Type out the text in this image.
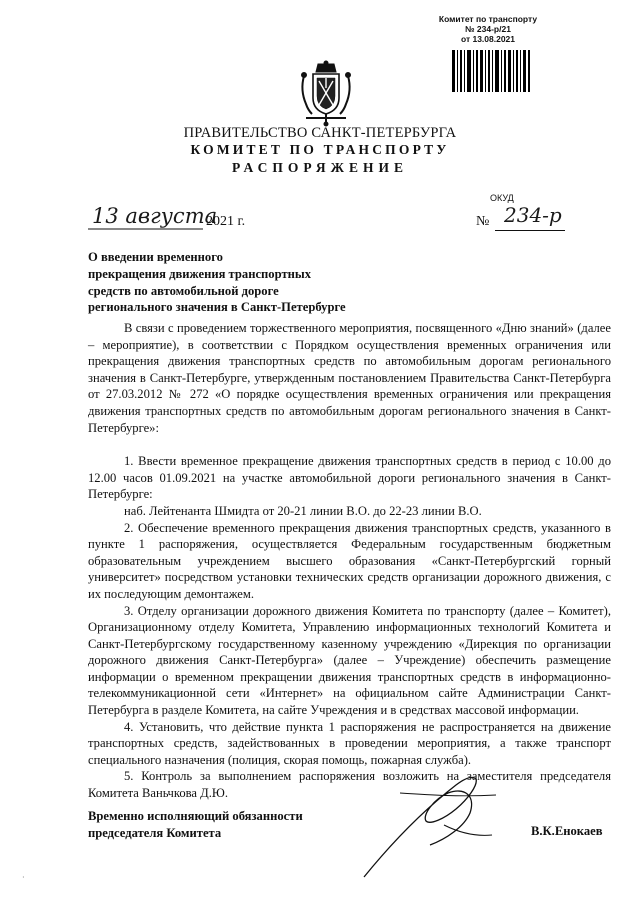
Комитет по транспорту
№ 234-р/21
от 13.08.2021
ПРАВИТЕЛЬСТВО САНКТ-ПЕТЕРБУРГА
КОМИТЕТ ПО ТРАНСПОРТУ
РАСПОРЯЖЕНИЕ
ОКУД
13 августа
2021 г.	№ 234-р
О введении временного
прекращения движения транспортных
средств по автомобильной дороге
регионального значения в Санкт-Петербурге

В связи с проведением торжественного мероприятия, посвященного «Дню знаний» (далее – мероприятие), в соответствии с Порядком осуществления временных ограничения или прекращения движения транспортных средств по автомобильным дорогам регионального значения в Санкт-Петербурге, утвержденным постановлением Правительства Санкт-Петербурга от 27.03.2012 № 272 «О порядке осуществления временных ограничения или прекращения движения транспортных средств по автомобильным дорогам регионального значения в Санкт-Петербурге»:

1. Ввести временное прекращение движения транспортных средств в период с 10.00 до 12.00 часов 01.09.2021 на участке автомобильной дороги регионального значения в Санкт-Петербурге:

наб. Лейтенанта Шмидта от 20-21 линии В.О. до 22-23 линии В.О.

2. Обеспечение временного прекращения движения транспортных средств, указанного в пункте 1 распоряжения, осуществляется Федеральным государственным бюджетным образовательным учреждением высшего образования «Санкт-Петербургский горный университет» посредством установки технических средств организации дорожного движения, с их последующим демонтажем.

3. Отделу организации дорожного движения Комитета по транспорту (далее – Комитет), Организационному отделу Комитета, Управлению информационных технологий Комитета и Санкт-Петербургскому государственному казенному учреждению «Дирекция по организации дорожного движения Санкт-Петербурга» (далее – Учреждение) обеспечить размещение информации о временном прекращении движения транспортных средств в информационно-телекоммуникационной сети «Интернет» на официальном сайте Администрации Санкт-Петербурга в разделе Комитета, на сайте Учреждения и в средствах массовой информации.

4. Установить, что действие пункта 1 распоряжения не распространяется на движение транспортных средств, задействованных в проведении мероприятия, а также транспорт специального назначения (полиция, скорая помощь, пожарная служба).

5. Контроль за выполнением распоряжения возложить на заместителя председателя Комитета Ваньчкова Д.Ю.

Временно исполняющий обязанности
председателя Комитета	В.К.Енокаев
·
